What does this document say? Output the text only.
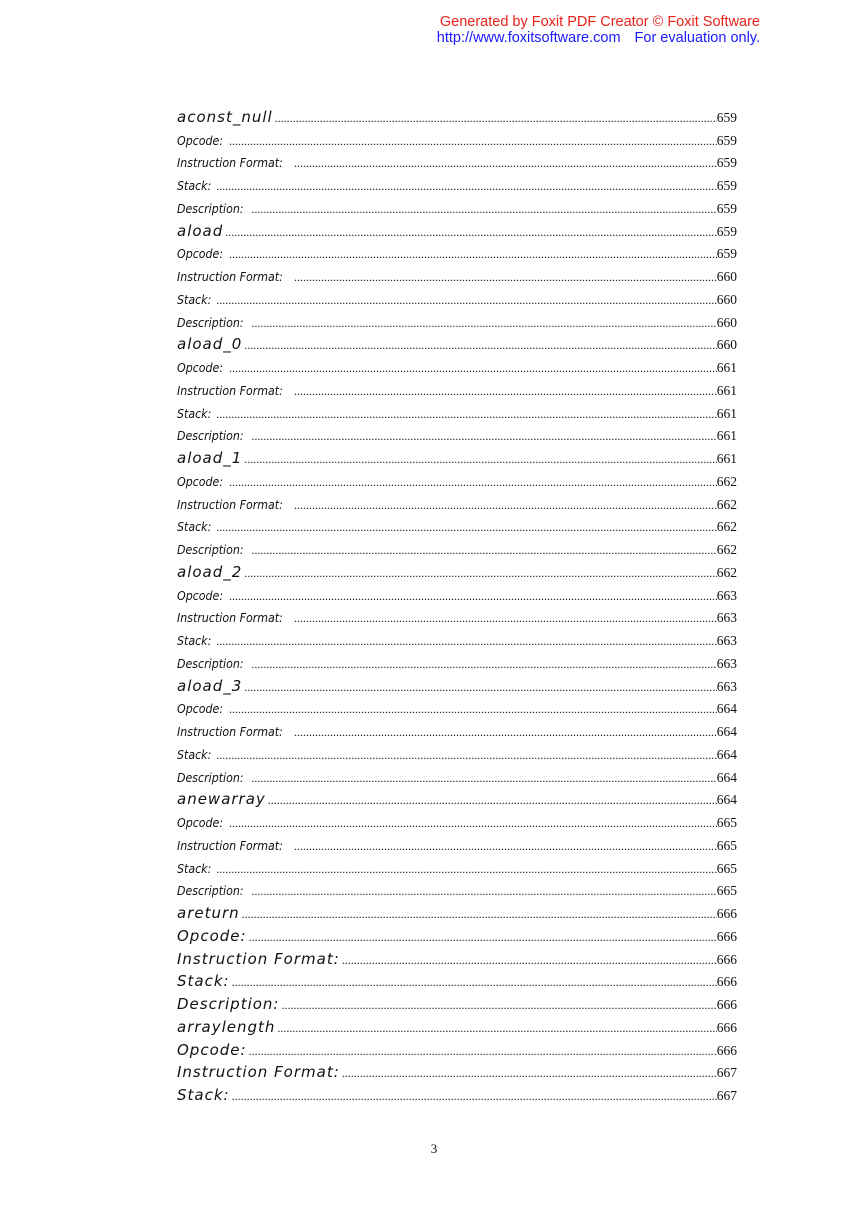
Generated by Foxit PDF Creator © Foxit Software
http://www.foxitsoftware.com For evaluation only.
aconst_null . . .	659
Opcode: . . .	659
Instruction Format: . . .	659
Stack: . . .	659
Description: . . .	659
aload . . .	659
Opcode: . . .	659
Instruction Format: . . .	660
Stack: . . .	660
Description: . . .	660
aload_0 . . .	660
Opcode: . . .	661
Instruction Format: . . .	661
Stack: . . .	661
Description: . . .	661
aload_1 . . .	661
Opcode: . . .	662
Instruction Format: . . .	662
Stack: . . .	662
Description: . . .	662
aload_2 . . .	662
Opcode: . . .	663
Instruction Format: . . .	663
Stack: . . .	663
Description: . . .	663
aload_3 . . .	663
Opcode: . . .	664
Instruction Format: . . .	664
Stack: . . .	664
Description: . . .	664
anewarray . . .	664
Opcode: . . .	665
Instruction Format: . . .	665
Stack: . . .	665
Description: . . .	665
areturn . . .	666
Opcode: . . .	666
Instruction Format: . . .	666
Stack: . . .	666
Description: . . .	666
arraylength . . .	666
Opcode: . . .	666
Instruction Format: . . .	667
Stack: . . .	667
3
